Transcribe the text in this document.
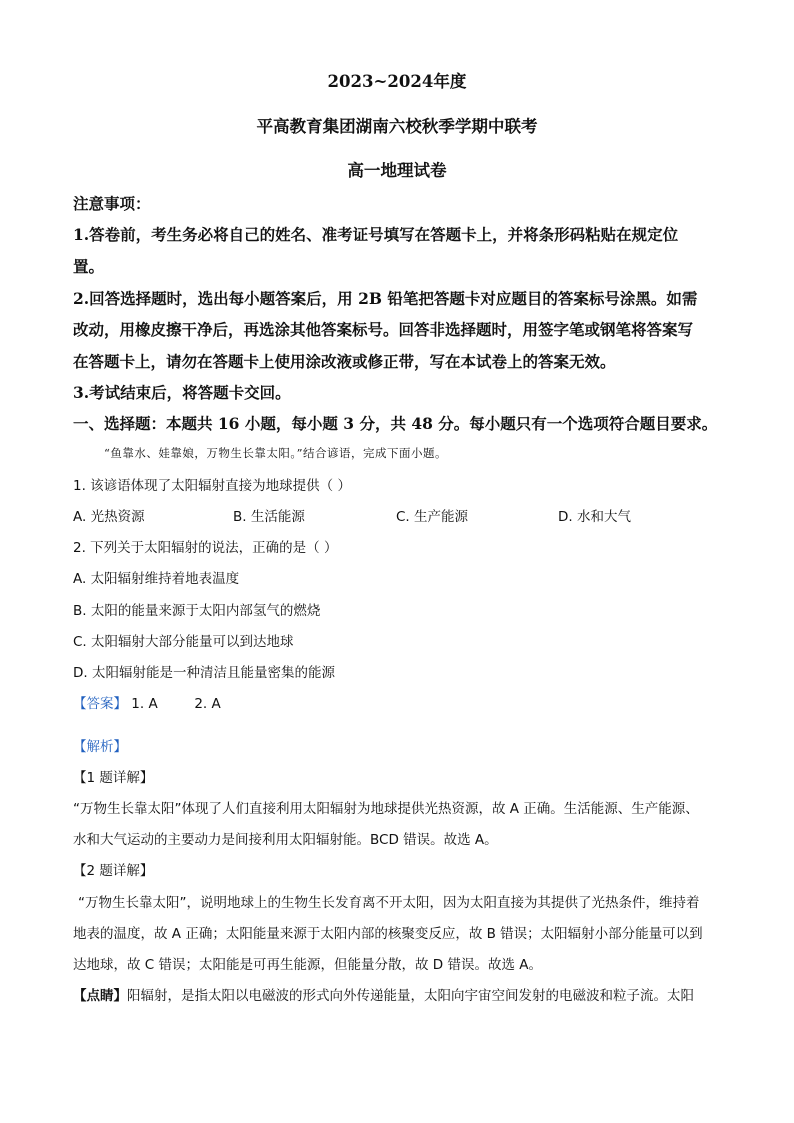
2023~2024年度
平高教育集团湖南六校秋季学期中联考
高一地理试卷
注意事项：
1.答卷前，考生务必将自己的姓名、准考证号填写在答题卡上，并将条形码粘贴在规定位
置。
2.回答选择题时，选出每小题答案后，用 2B 铅笔把答题卡对应题目的答案标号涂黑。如需
改动，用橡皮擦干净后，再选涂其他答案标号。回答非选择题时，用签字笔或钢笔将答案写
在答题卡上，请勿在答题卡上使用涂改液或修正带，写在本试卷上的答案无效。
3.考试结束后，将答题卡交回。
一、选择题：本题共 16 小题，每小题 3 分，共 48 分。每小题只有一个选项符合题目要求。
“鱼靠水、娃靠娘，万物生长靠太阳。”结合谚语，完成下面小题。
1. 该谚语体现了太阳辐射直接为地球提供（ ）
A. 光热资源	B. 生活能源	C. 生产能源	D. 水和大气
2. 下列关于太阳辐射的说法，正确的是（ ）
A. 太阳辐射维持着地表温度
B. 太阳的能量来源于太阳内部氢气的燃烧
C. 太阳辐射大部分能量可以到达地球
D. 太阳辐射能是一种清洁且能量密集的能源
【答案】 1. A	2. A
【解析】
【1 题详解】
“万物生长靠太阳”体现了人们直接利用太阳辐射为地球提供光热资源，故 A 正确。生活能源、生产能源、
水和大气运动的主要动力是间接利用太阳辐射能。BCD 错误。故选 A。
【2 题详解】
“万物生长靠太阳”，说明地球上的生物生长发育离不开太阳，因为太阳直接为其提供了光热条件，维持着
地表的温度，故 A 正确；太阳能量来源于太阳内部的核聚变反应，故 B 错误；太阳辐射小部分能量可以到
达地球，故 C 错误；太阳能是可再生能源，但能量分散，故 D 错误。故选 A。
【点睛】阳辐射，是指太阳以电磁波的形式向外传递能量，太阳向宇宙空间发射的电磁波和粒子流。太阳
